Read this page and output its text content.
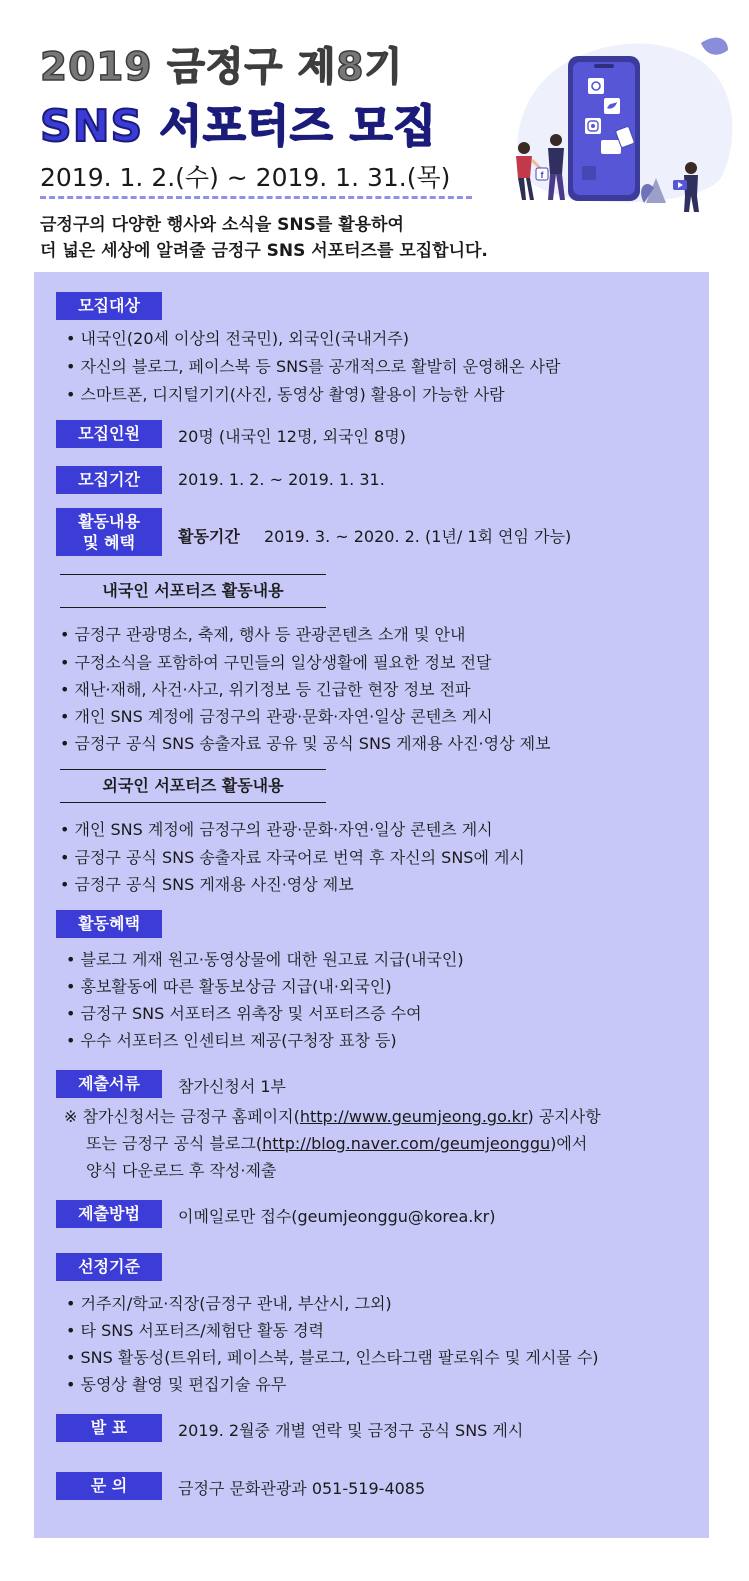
2019 금정구 제8기
SNS 서포터즈 모집
2019. 1. 2.(수) ~ 2019. 1. 31.(목)
금정구의 다양한 행사와 소식을 SNS를 활용하여
더 넓은 세상에 알려줄 금정구 SNS 서포터즈를 모집합니다.
f
모집대상
• 내국인(20세 이상의 전국민), 외국인(국내거주)
• 자신의 블로그, 페이스북 등 SNS를 공개적으로 활발히 운영해온 사람
• 스마트폰, 디지털기기(사진, 동영상 촬영) 활용이 가능한 사람
모집인원	20명 (내국인 12명, 외국인 8명)
모집기간	2019. 1. 2. ~ 2019. 1. 31.
활동내용
및 혜택	활동기간 2019. 3. ~ 2020. 2. (1년/ 1회 연임 가능)
내국인 서포터즈 활동내용
• 금정구 관광명소, 축제, 행사 등 관광콘텐츠 소개 및 안내
• 구정소식을 포함하여 구민들의 일상생활에 필요한 정보 전달
• 재난·재해, 사건·사고, 위기정보 등 긴급한 현장 정보 전파
• 개인 SNS 계정에 금정구의 관광·문화·자연·일상 콘텐츠 게시
• 금정구 공식 SNS 송출자료 공유 및 공식 SNS 게재용 사진·영상 제보
외국인 서포터즈 활동내용
• 개인 SNS 계정에 금정구의 관광·문화·자연·일상 콘텐츠 게시
• 금정구 공식 SNS 송출자료 자국어로 번역 후 자신의 SNS에 게시
• 금정구 공식 SNS 게재용 사진·영상 제보
활동혜택
• 블로그 게재 원고·동영상물에 대한 원고료 지급(내국인)
• 홍보활동에 따른 활동보상금 지급(내·외국인)
• 금정구 SNS 서포터즈 위촉장 및 서포터즈증 수여
• 우수 서포터즈 인센티브 제공(구청장 표창 등)
제출서류	참가신청서 1부
※ 참가신청서는 금정구 홈페이지(http://www.geumjeong.go.kr) 공지사항
또는 금정구 공식 블로그(http://blog.naver.com/geumjeonggu)에서
양식 다운로드 후 작성·제출
제출방법	이메일로만 접수(geumjeonggu@korea.kr)
선정기준
• 거주지/학교·직장(금정구 관내, 부산시, 그외)
• 타 SNS 서포터즈/체험단 활동 경력
• SNS 활동성(트위터, 페이스북, 블로그, 인스타그램 팔로워수 및 게시물 수)
• 동영상 촬영 및 편집기술 유무
발 표	2019. 2월중 개별 연락 및 금정구 공식 SNS 게시
문 의	금정구 문화관광과 051-519-4085
